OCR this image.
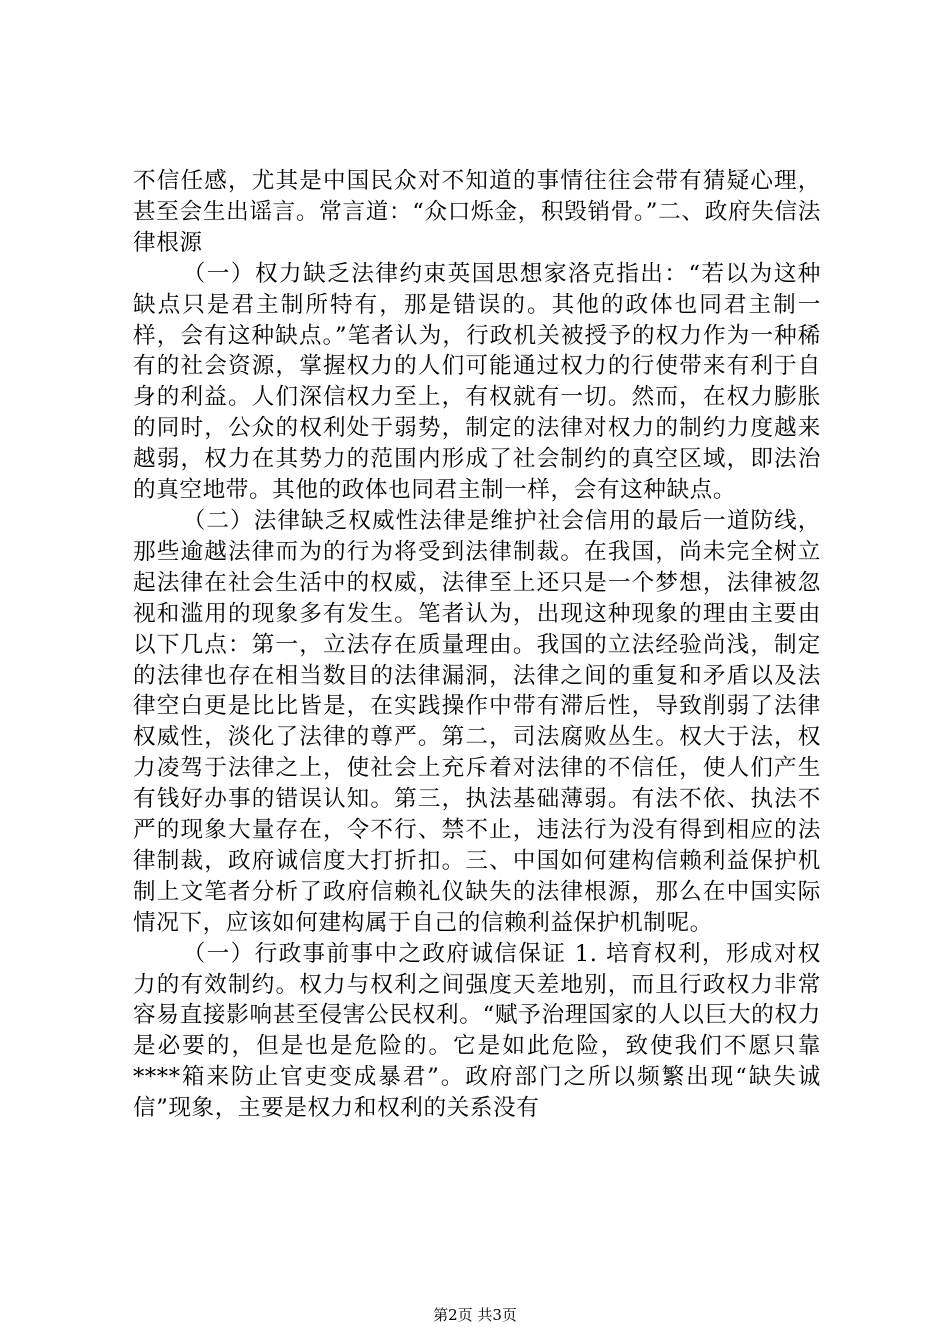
不信任感，尤其是中国民众对不知道的事情往往会带有猜疑心理，甚至会生出谣言。常言道：“众口烁金，积毁销骨。”二、政府失信法律根源

（一）权力缺乏法律约束英国思想家洛克指出：“若以为这种缺点只是君主制所特有，那是错误的。其他的政体也同君主制一样，会有这种缺点。”笔者认为，行政机关被授予的权力作为一种稀有的社会资源，掌握权力的人们可能通过权力的行使带来有利于自身的利益。人们深信权力至上，有权就有一切。然而，在权力膨胀的同时，公众的权利处于弱势，制定的法律对权力的制约力度越来越弱，权力在其势力的范围内形成了社会制约的真空区域，即法治的真空地带。其他的政体也同君主制一样，会有这种缺点。

（二）法律缺乏权威性法律是维护社会信用的最后一道防线，那些逾越法律而为的行为将受到法律制裁。在我国，尚未完全树立起法律在社会生活中的权威，法律至上还只是一个梦想，法律被忽视和滥用的现象多有发生。笔者认为，出现这种现象的理由主要由以下几点：第一，立法存在质量理由。我国的立法经验尚浅，制定的法律也存在相当数目的法律漏洞，法律之间的重复和矛盾以及法律空白更是比比皆是，在实践操作中带有滞后性，导致削弱了法律权威性，淡化了法律的尊严。第二，司法腐败丛生。权大于法，权力凌驾于法律之上，使社会上充斥着对法律的不信任，使人们产生有钱好办事的错误认知。第三，执法基础薄弱。有法不依、执法不严的现象大量存在，令不行、禁不止，违法行为没有得到相应的法律制裁，政府诚信度大打折扣。三、中国如何建构信赖利益保护机制上文笔者分析了政府信赖礼仪缺失的法律根源，那么在中国实际情况下，应该如何建构属于自己的信赖利益保护机制呢。

（一）行政事前事中之政府诚信保证 1. 培育权利，形成对权力的有效制约。权力与权利之间强度天差地别，而且行政权力非常容易直接影响甚至侵害公民权利。“赋予治理国家的人以巨大的权力是必要的，但是也是危险的。它是如此危险，致使我们不愿只靠****箱来防止官吏变成暴君”。政府部门之所以频繁出现“缺失诚信”现象，主要是权力和权利的关系没有

第2页 共3页
